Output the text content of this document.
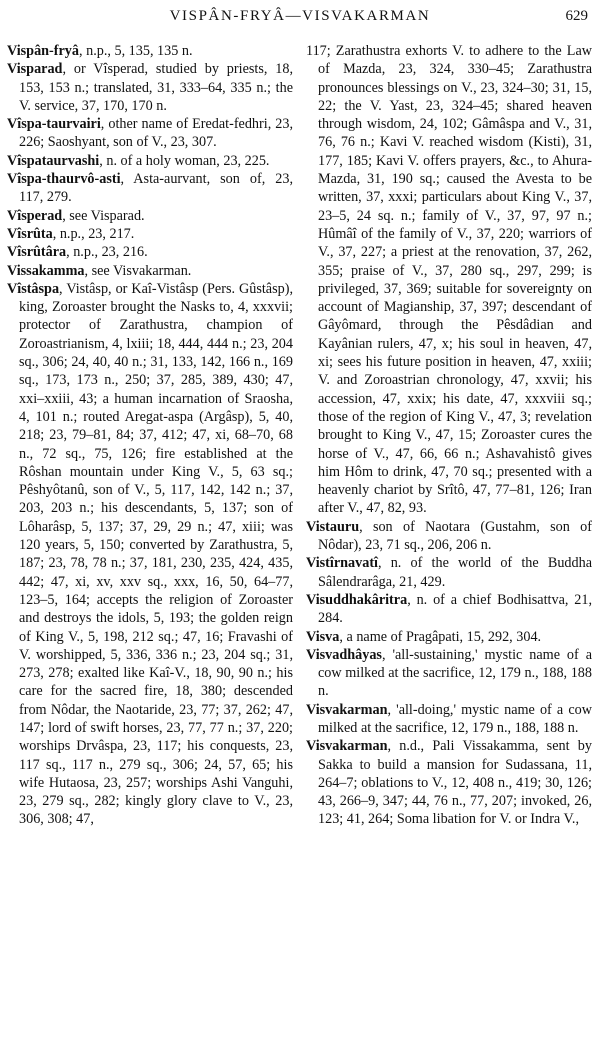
VISPÂN-FRYÂ—VISVAKARMAN	629

Vispân-fryâ, n.p., 5, 135, 135 n.

Visparad, or Vîsperad, studied by priests, 18, 153, 153 n.; translated, 31, 333–64, 335 n.; the V. service, 37, 170, 170 n.

Vîspa-taurvairi, other name of Eredat-fedhri, 23, 226; Saoshyant, son of V., 23, 307.

Vîspataurvashi, n. of a holy woman, 23, 225.

Vîspa-thaurvô-asti, Asta-aurvant, son of, 23, 117, 279.

Vîsperad, see Visparad.

Vîsrûta, n.p., 23, 217.

Vîsrûtâra, n.p., 23, 216.

Vissakamma, see Visvakarman.

Vîstâspa, Vistâsp, or Kaî-Vistâsp (Pers. Gûstâsp), king, Zoroaster brought the Nasks to, 4, xxxvii; protector of Zarathustra, champion of Zoroastrianism, 4, lxiii; 18, 444, 444 n.; 23, 204 sq., 306; 24, 40, 40 n.; 31, 133, 142, 166 n., 169 sq., 173, 173 n., 250; 37, 285, 389, 430; 47, xxi–xxiii, 43; a human incarnation of Sraosha, 4, 101 n.; routed Aregat-aspa (Argâsp), 5, 40, 218; 23, 79–81, 84; 37, 412; 47, xi, 68–70, 68 n., 72 sq., 75, 126; fire established at the Rôshan mountain under King V., 5, 63 sq.; Pêshyôtanû, son of V., 5, 117, 142, 142 n.; 37, 203, 203 n.; his descendants, 5, 137; son of Lôharâsp, 5, 137; 37, 29, 29 n.; 47, xiii; was 120 years, 5, 150; converted by Zarathustra, 5, 187; 23, 78, 78 n.; 37, 181, 230, 235, 424, 435, 442; 47, xi, xv, xxv sq., xxx, 16, 50, 64–77, 123–5, 164; accepts the religion of Zoroaster and destroys the idols, 5, 193; the golden reign of King V., 5, 198, 212 sq.; 47, 16; Fravashi of V. worshipped, 5, 336, 336 n.; 23, 204 sq.; 31, 273, 278; exalted like Kaî-V., 18, 90, 90 n.; his care for the sacred fire, 18, 380; descended from Nôdar, the Naotaride, 23, 77; 37, 262; 47, 147; lord of swift horses, 23, 77, 77 n.; 37, 220; worships Drvâspa, 23, 117; his conquests, 23, 117 sq., 117 n., 279 sq., 306; 24, 57, 65; his wife Hutaosa, 23, 257; worships Ashi Vanguhi, 23, 279 sq., 282; kingly glory clave to V., 23, 306, 308; 47,

117; Zarathustra exhorts V. to adhere to the Law of Mazda, 23, 324, 330–45; Zarathustra pronounces blessings on V., 23, 324–30; 31, 15, 22; the V. Yast, 23, 324–45; shared heaven through wisdom, 24, 102; Gâmâspa and V., 31, 76, 76 n.; Kavi V. reached wisdom (Kisti), 31, 177, 185; Kavi V. offers prayers, &c., to Ahura-Mazda, 31, 190 sq.; caused the Avesta to be written, 37, xxxi; particulars about King V., 37, 23–5, 24 sq. n.; family of V., 37, 97, 97 n.; Hûmâî of the family of V., 37, 220; warriors of V., 37, 227; a priest at the renovation, 37, 262, 355; praise of V., 37, 280 sq., 297, 299; is privileged, 37, 369; suitable for sovereignty on account of Magianship, 37, 397; descendant of Gâyômard, through the Pêsdâdian and Kayânian rulers, 47, x; his soul in heaven, 47, xi; sees his future position in heaven, 47, xxiii; V. and Zoroastrian chronology, 47, xxvii; his accession, 47, xxix; his date, 47, xxxviii sq.; those of the region of King V., 47, 3; revelation brought to King V., 47, 15; Zoroaster cures the horse of V., 47, 66, 66 n.; Ashavahistô gives him Hôm to drink, 47, 70 sq.; presented with a heavenly chariot by Srîtô, 47, 77–81, 126; Iran after V., 47, 82, 93.

Vistauru, son of Naotara (Gustahm, son of Nôdar), 23, 71 sq., 206, 206 n.

Vistîrnavatî, n. of the world of the Buddha Sâlendrarâga, 21, 429.

Visuddhakâritra, n. of a chief Bodhisattva, 21, 284.

Visva, a name of Pragâpati, 15, 292, 304.

Visvadhâyas, 'all-sustaining,' mystic name of a cow milked at the sacrifice, 12, 179 n., 188, 188 n.

Visvakarman, 'all-doing,' mystic name of a cow milked at the sacrifice, 12, 179 n., 188, 188 n.

Visvakarman, n.d., Pali Vissakamma, sent by Sakka to build a mansion for Sudassana, 11, 264–7; oblations to V., 12, 408 n., 419; 30, 126; 43, 266–9, 347; 44, 76 n., 77, 207; invoked, 26, 123; 41, 264; Soma libation for V. or Indra V.,
